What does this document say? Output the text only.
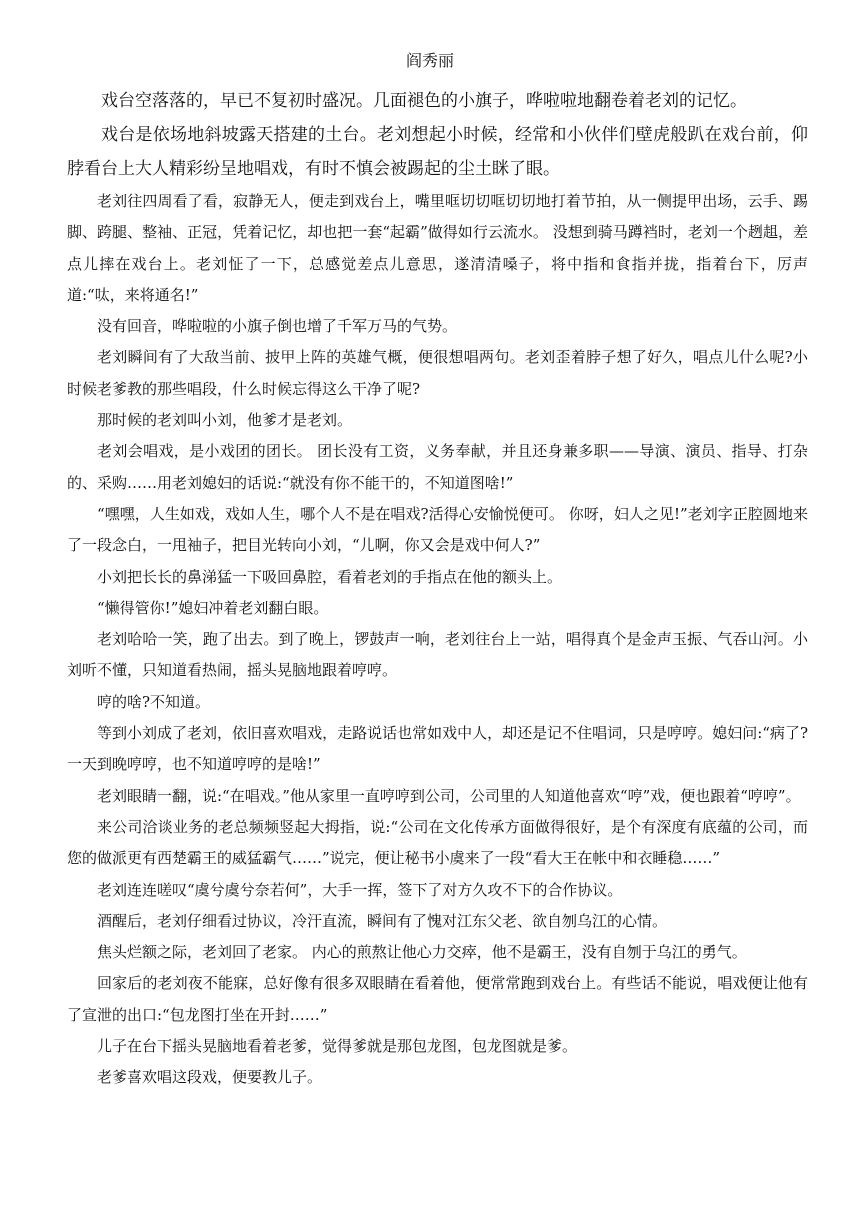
阎秀丽

戏台空落落的，早已不复初时盛况。几面褪色的小旗子，哗啦啦地翻卷着老刘的记忆。

戏台是依场地斜坡露天搭建的土台。老刘想起小时候，经常和小伙伴们壁虎般趴在戏台前，仰脖看台上大人精彩纷呈地唱戏，有时不慎会被踢起的尘土眯了眼。

老刘往四周看了看，寂静无人，便走到戏台上，嘴里哐切切哐切切地打着节拍，从一侧提甲出场，云手、踢脚、跨腿、整袖、正冠，凭着记忆，却也把一套“起霸”做得如行云流水。 没想到骑马蹲裆时，老刘一个趔趄，差点儿摔在戏台上。老刘怔了一下，总感觉差点儿意思，遂清清嗓子，将中指和食指并拢，指着台下，厉声道:“呔，来将通名!”

没有回音，哗啦啦的小旗子倒也增了千军万马的气势。

老刘瞬间有了大敌当前、披甲上阵的英雄气概，便很想唱两句。老刘歪着脖子想了好久，唱点儿什么呢?小时候老爹教的那些唱段，什么时候忘得这么干净了呢?

那时候的老刘叫小刘，他爹才是老刘。

老刘会唱戏，是小戏团的团长。 团长没有工资，义务奉献，并且还身兼多职——导演、演员、指导、打杂的、采购……用老刘媳妇的话说:“就没有你不能干的，不知道图啥!”

“嘿嘿，人生如戏，戏如人生，哪个人不是在唱戏?活得心安愉悦便可。 你呀，妇人之见!”老刘字正腔圆地来了一段念白，一甩袖子，把目光转向小刘，“儿啊，你又会是戏中何人?”

小刘把长长的鼻涕猛一下吸回鼻腔，看着老刘的手指点在他的额头上。

“懒得管你!”媳妇冲着老刘翻白眼。

老刘哈哈一笑，跑了出去。到了晚上，锣鼓声一响，老刘往台上一站，唱得真个是金声玉振、气吞山河。小刘听不懂，只知道看热闹，摇头晃脑地跟着哼哼。

哼的啥?不知道。

等到小刘成了老刘，依旧喜欢唱戏，走路说话也常如戏中人，却还是记不住唱词，只是哼哼。媳妇问:“病了?一天到晚哼哼，也不知道哼哼的是啥!”

老刘眼睛一翻，说:“在唱戏。”他从家里一直哼哼到公司，公司里的人知道他喜欢“哼”戏，便也跟着“哼哼”。

来公司洽谈业务的老总频频竖起大拇指，说:“公司在文化传承方面做得很好，是个有深度有底蕴的公司，而您的做派更有西楚霸王的威猛霸气……”说完，便让秘书小虞来了一段“看大王在帐中和衣睡稳……”

老刘连连嗟叹“虞兮虞兮奈若何”，大手一挥，签下了对方久攻不下的合作协议。

酒醒后，老刘仔细看过协议，冷汗直流，瞬间有了愧对江东父老、欲自刎乌江的心情。

焦头烂额之际，老刘回了老家。 内心的煎熬让他心力交瘁，他不是霸王，没有自刎于乌江的勇气。

回家后的老刘夜不能寐，总好像有很多双眼睛在看着他，便常常跑到戏台上。有些话不能说，唱戏便让他有了宣泄的出口:“包龙图打坐在开封……”

儿子在台下摇头晃脑地看着老爹，觉得爹就是那包龙图，包龙图就是爹。

老爹喜欢唱这段戏，便要教儿子。
